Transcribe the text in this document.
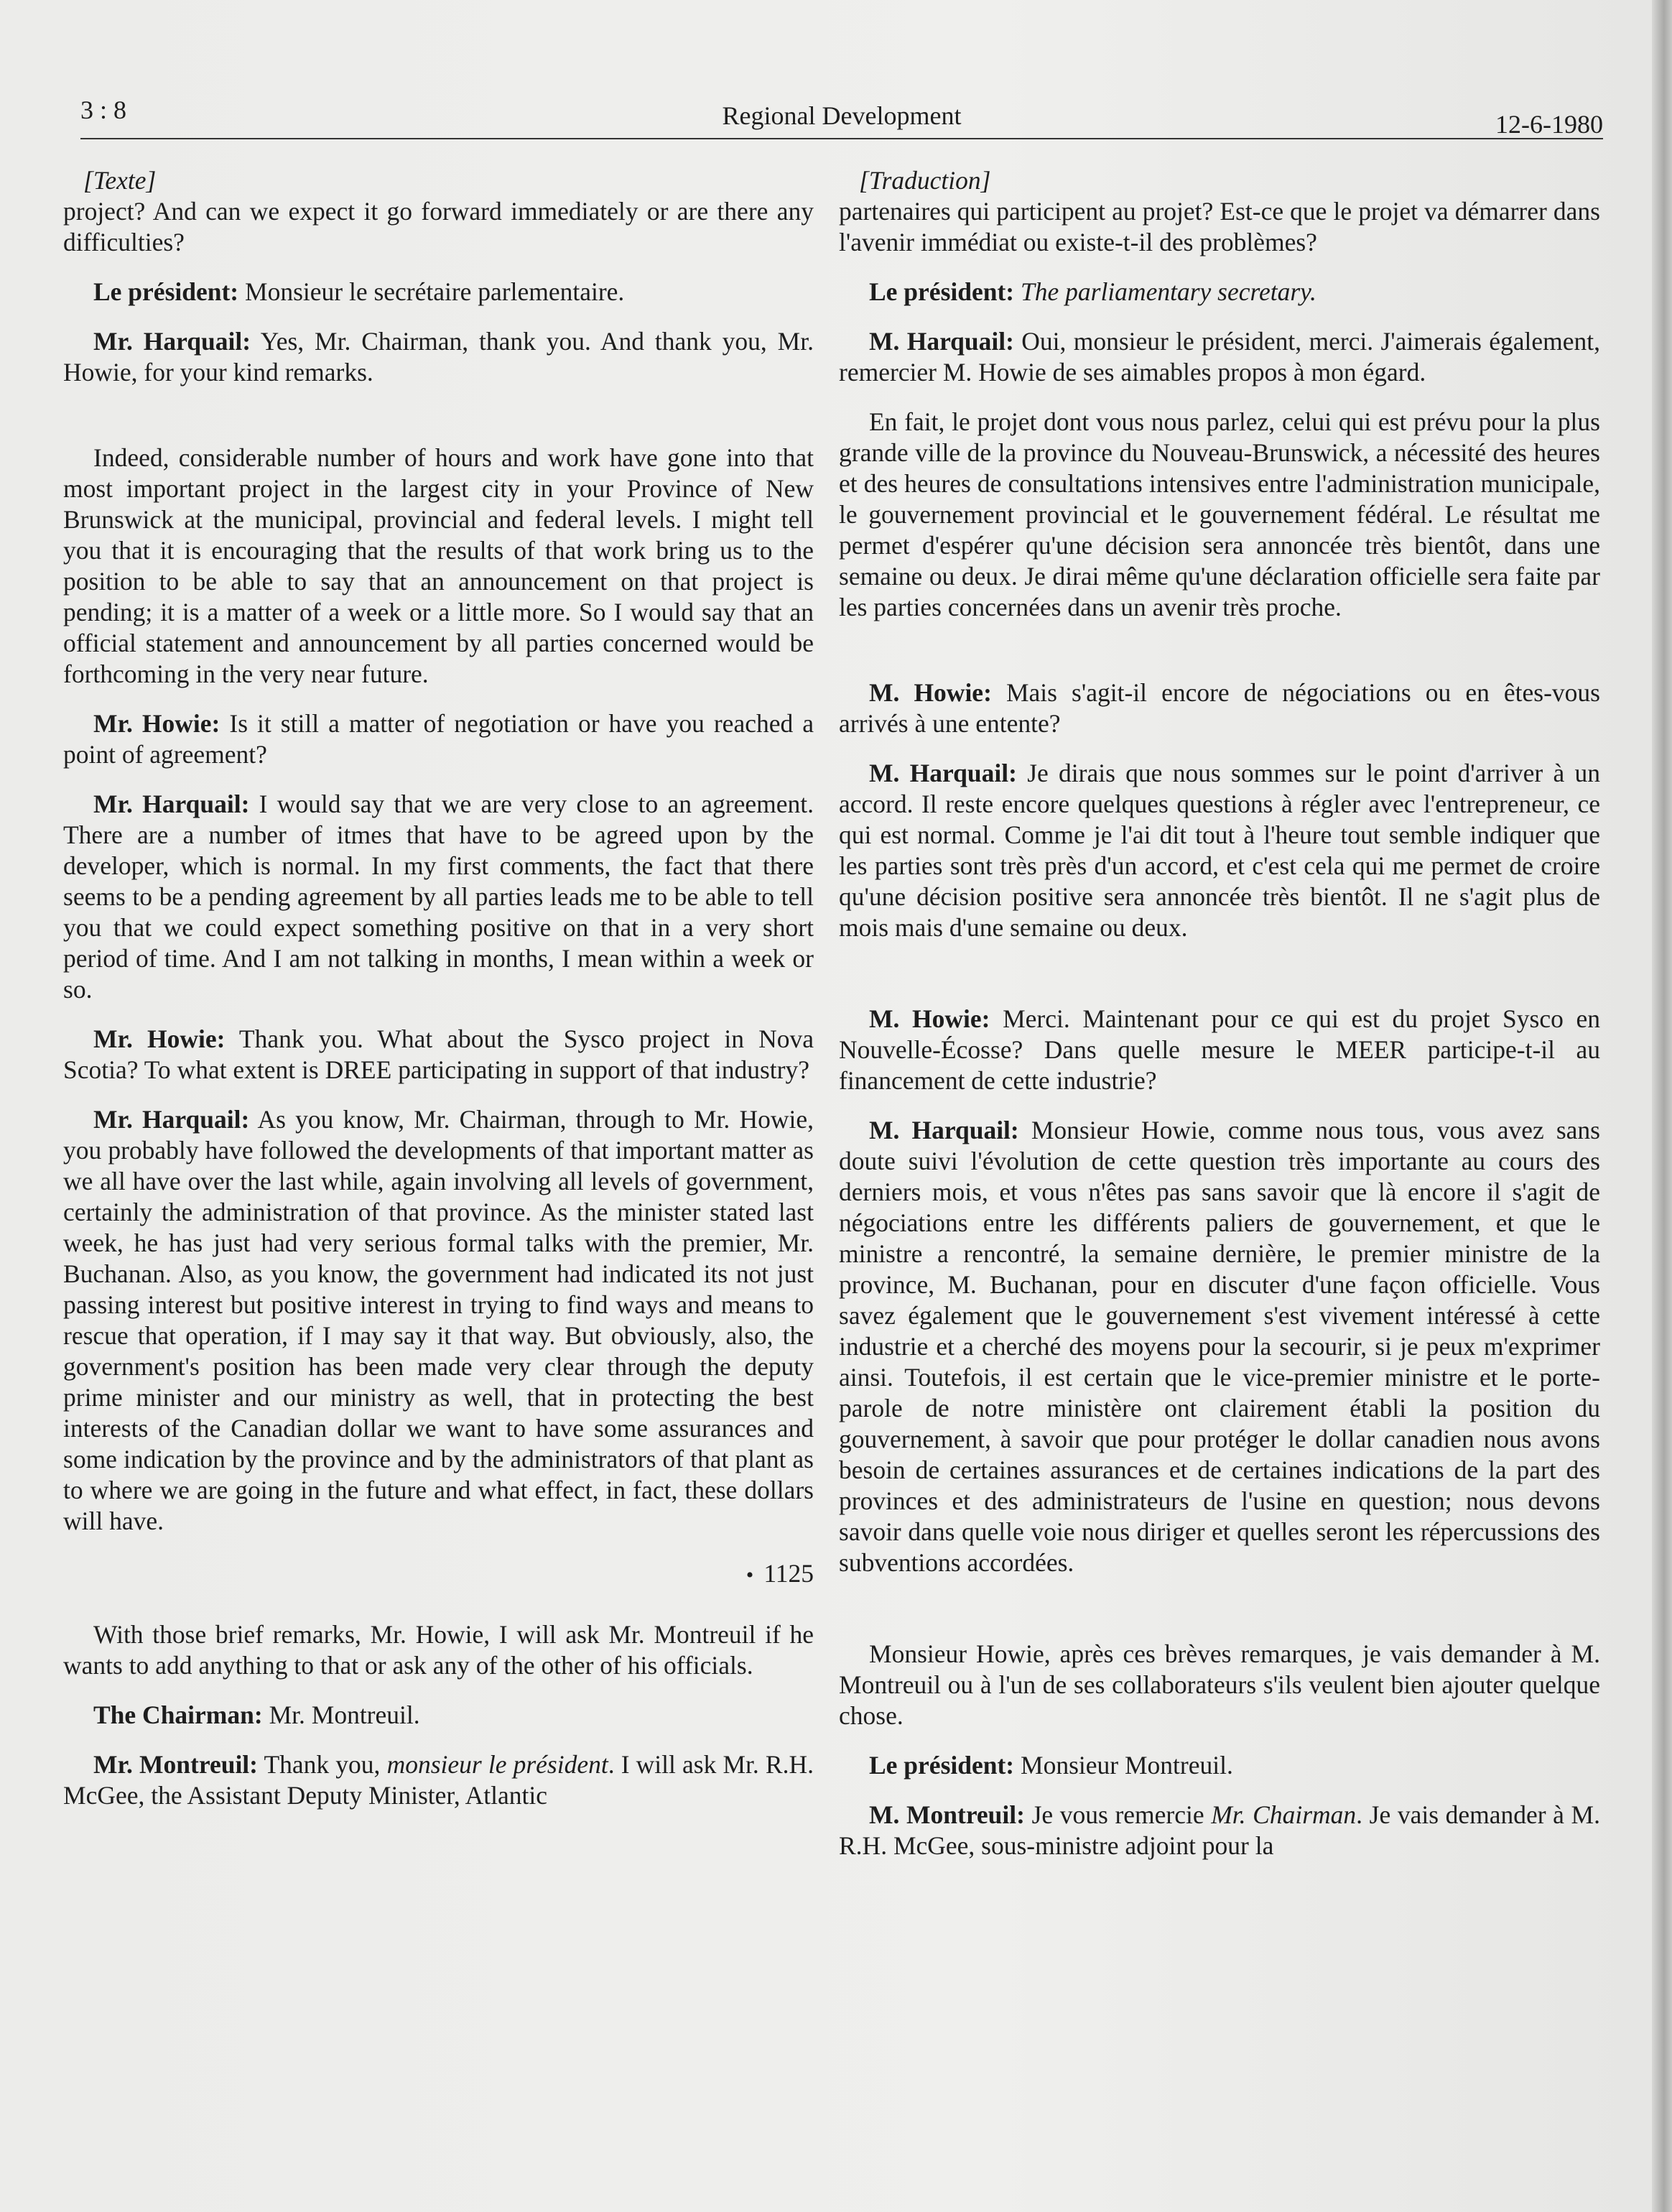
3 : 8	Regional Development	12-6-1980
[Texte]

project? And can we expect it go forward immediately or are there any difficulties?

Le président: Monsieur le secrétaire parlementaire.

Mr. Harquail: Yes, Mr. Chairman, thank you. And thank you, Mr. Howie, for your kind remarks.

Indeed, considerable number of hours and work have gone into that most important project in the largest city in your Province of New Brunswick at the municipal, provincial and federal levels. I might tell you that it is encouraging that the results of that work bring us to the position to be able to say that an announcement on that project is pending; it is a matter of a week or a little more. So I would say that an official statement and announcement by all parties concerned would be forthcoming in the very near future.

Mr. Howie: Is it still a matter of negotiation or have you reached a point of agreement?

Mr. Harquail: I would say that we are very close to an agreement. There are a number of itmes that have to be agreed upon by the developer, which is normal. In my first comments, the fact that there seems to be a pending agreement by all parties leads me to be able to tell you that we could expect something positive on that in a very short period of time. And I am not talking in months, I mean within a week or so.

Mr. Howie: Thank you. What about the Sysco project in Nova Scotia? To what extent is DREE participating in support of that industry?

Mr. Harquail: As you know, Mr. Chairman, through to Mr. Howie, you probably have followed the developments of that important matter as we all have over the last while, again involving all levels of government, certainly the administration of that province. As the minister stated last week, he has just had very serious formal talks with the premier, Mr. Buchanan. Also, as you know, the government had indicated its not just passing interest but positive interest in trying to find ways and means to rescue that operation, if I may say it that way. But obviously, also, the government's position has been made very clear through the deputy prime minister and our ministry as well, that in protecting the best interests of the Canadian dollar we want to have some assurances and some indication by the province and by the administrators of that plant as to where we are going in the future and what effect, in fact, these dollars will have.

• 1125

With those brief remarks, Mr. Howie, I will ask Mr. Montreuil if he wants to add anything to that or ask any of the other of his officials.

The Chairman: Mr. Montreuil.

Mr. Montreuil: Thank you, monsieur le président. I will ask Mr. R.H. McGee, the Assistant Deputy Minister, Atlantic

[Traduction]

partenaires qui participent au projet? Est-ce que le projet va démarrer dans l'avenir immédiat ou existe-t-il des problèmes?

Le président: The parliamentary secretary.

M. Harquail: Oui, monsieur le président, merci. J'aimerais également, remercier M. Howie de ses aimables propos à mon égard.

En fait, le projet dont vous nous parlez, celui qui est prévu pour la plus grande ville de la province du Nouveau-Brunswick, a nécessité des heures et des heures de consultations intensives entre l'administration municipale, le gouvernement provincial et le gouvernement fédéral. Le résultat me permet d'espérer qu'une décision sera annoncée très bientôt, dans une semaine ou deux. Je dirai même qu'une déclaration officielle sera faite par les parties concernées dans un avenir très proche.

M. Howie: Mais s'agit-il encore de négociations ou en êtes-vous arrivés à une entente?

M. Harquail: Je dirais que nous sommes sur le point d'arriver à un accord. Il reste encore quelques questions à régler avec l'entrepreneur, ce qui est normal. Comme je l'ai dit tout à l'heure tout semble indiquer que les parties sont très près d'un accord, et c'est cela qui me permet de croire qu'une décision positive sera annoncée très bientôt. Il ne s'agit plus de mois mais d'une semaine ou deux.

M. Howie: Merci. Maintenant pour ce qui est du projet Sysco en Nouvelle-Écosse? Dans quelle mesure le MEER participe-t-il au financement de cette industrie?

M. Harquail: Monsieur Howie, comme nous tous, vous avez sans doute suivi l'évolution de cette question très importante au cours des derniers mois, et vous n'êtes pas sans savoir que là encore il s'agit de négociations entre les différents paliers de gouvernement, et que le ministre a rencontré, la semaine dernière, le premier ministre de la province, M. Buchanan, pour en discuter d'une façon officielle. Vous savez également que le gouvernement s'est vivement intéressé à cette industrie et a cherché des moyens pour la secourir, si je peux m'exprimer ainsi. Toutefois, il est certain que le vice-premier ministre et le porte-parole de notre ministère ont clairement établi la position du gouvernement, à savoir que pour protéger le dollar canadien nous avons besoin de certaines assurances et de certaines indications de la part des provinces et des administrateurs de l'usine en question; nous devons savoir dans quelle voie nous diriger et quelles seront les répercussions des subventions accordées.

Monsieur Howie, après ces brèves remarques, je vais demander à M. Montreuil ou à l'un de ses collaborateurs s'ils veulent bien ajouter quelque chose.

Le président: Monsieur Montreuil.

M. Montreuil: Je vous remercie Mr. Chairman. Je vais demander à M. R.H. McGee, sous-ministre adjoint pour la
